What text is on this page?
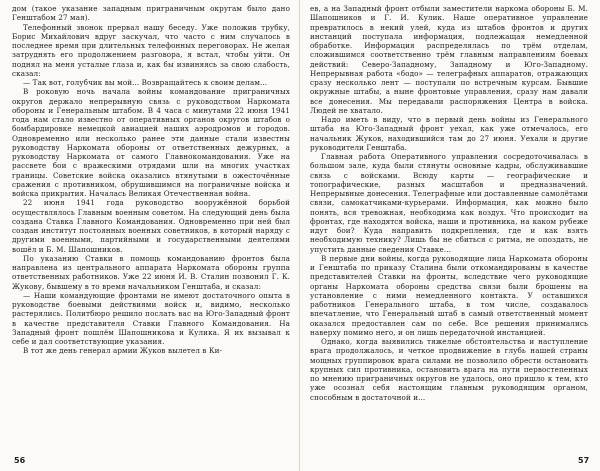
дом (такое указание западным приграничным округам было дано Генштабом 27 мая).

Телефонный звонок прервал нашу беседу. Уже положив трубку, Борис Михайлович вдруг заскучал, что часто с ним случалось в последнее время при длительных телефонных переговорах. Не желая затруднять его продолжением разговора, я встал, чтобы уйти. Он поднял на меня усталые глаза и, как бы извиняясь за свою слабость, сказал:

— Так вот, голубчик вы мой... Возвращайтесь к своим делам...

В роковую ночь начала войны командование приграничных округов держало непрерывную связь с руководством Наркомата обороны и Генеральным штабом. В 4 часа с минутами 22 июня 1941 года нам стало известно от оперативных органов округов штабов о бомбардировке немецкой авиацией наших аэродромов и городов. Одновременно или несколько ранее эти данные стали известны руководству Наркомата обороны от ответственных дежурных, а руководству Наркомата от самого Главнокомандования. Уже на рассвете бои с вражескими отрядами шли на многих участках границы. Советские войска оказались втянутыми в ожесточённые сражения с противником, обрушившимся на пограничные войска и войска прикрытия. Началась Великая Отечественная война.

22 июня 1941 года руководство вооружённой борьбой осуществлялось Главным военным советом. На следующий день была создана Ставка Главного Командования. Одновременно при ней был создан институт постоянных военных советников, в который наряду с другими военными, партийными и государственными деятелями вошёл и Б. М. Шапошников.

По указанию Ставки в помощь командованию фронтов была направлена из центрального аппарата Наркомата обороны группа ответственных работников. Уже 22 июня И. В. Сталин позвонил Г. К. Жукову, бывшему в то время начальником Генштаба, и сказал:

— Наши командующие фронтами не имеют достаточного опыта в руководстве боевыми действиями войск и, видимо, несколько растерялись. Политбюро решило послать вас на Юго-Западный фронт в качестве представителя Ставки Главного Командования. На Западный фронт пошлём Шапошникова и Кулика. Я их вызывал к себе и дал соответствующие указания.

В тот же день генерал армии Жуков вылетел в Ки-

ев, а на Западный фронт отбыли заместители наркома обороны Б. М. Шапошников и Г. И. Кулик. Наше оперативное управление превратилось в некий улей, куда из штабов фронтов и других инстанций поступала информация, подлежащая немедленной обработке. Информация распределялась по трём отделам, сложившимся соответственно трём главным направлениям боевых действий: Северо-Западному, Западному и Юго-Западному. Непрерывная работа «бодо» — телеграфных аппаратов, отражающих сразу несколько лент — поступали по встречным курсам. Бывшие окружные штабы, а ныне фронтовые управления, сразу нам давали все донесения. Мы передавали распоряжения Центра в войска. Людей не хватало.

Надо иметь в виду, что в первый день войны из Генерального штаба на Юго-Западный фронт уехал, как уже отмечалось, его начальник Жуков, находившийся там до 27 июня. Уехали и другие руководители Генштаба.

Главная работа Оперативного управления сосредоточивалась в большом зале, куда были стянуты основные кадры, обслуживавшие связь с войсками. Всюду карты — географические и топографические, разных масштабов и предназначений. Непрерывные донесения. Телеграфные или доставленные самолётами связи, самокатчиками-курьерами. Информация, как можно было понять, вся тревожная, необходима как воздух. Что происходит на фронтах, где находятся войска, наши и противника, на каком рубеже идут бои? Куда направить подкрепления, где и как взять необходимую технику? Лишь бы не сбиться с ритма, не опоздать, не упустить данные сведения Ставке...

В первые дни войны, когда руководящие лица Наркомата обороны и Генштаба по приказу Сталина были откомандированы в качестве представителей Ставки на фронты, вследствие чего руководящие органы Наркомата обороны средства связи были брошены на установление с ними немедленного контакта. У оставшихся работников Генерального штаба, в том числе, создавалось впечатление, что Генеральный штаб в самый ответственный момент оказался предоставлен сам по себе. Все решения принимались наверху помимо него, и он лишь передаточной инстанцией.

Однако, когда выявились тяжелые обстоятельства и наступление врага продолжалось, и четкое продвижение в глубь нашей страны мощных группировок врага силами не позволило обрести остановить крупных сил противника, остановить врага на пути первостепенных по мнению приграничных округов не удалось, оно пришло к тем, кто уже осознал себя настоящим главным руководящим органом, способным в достаточной и...

56	57
